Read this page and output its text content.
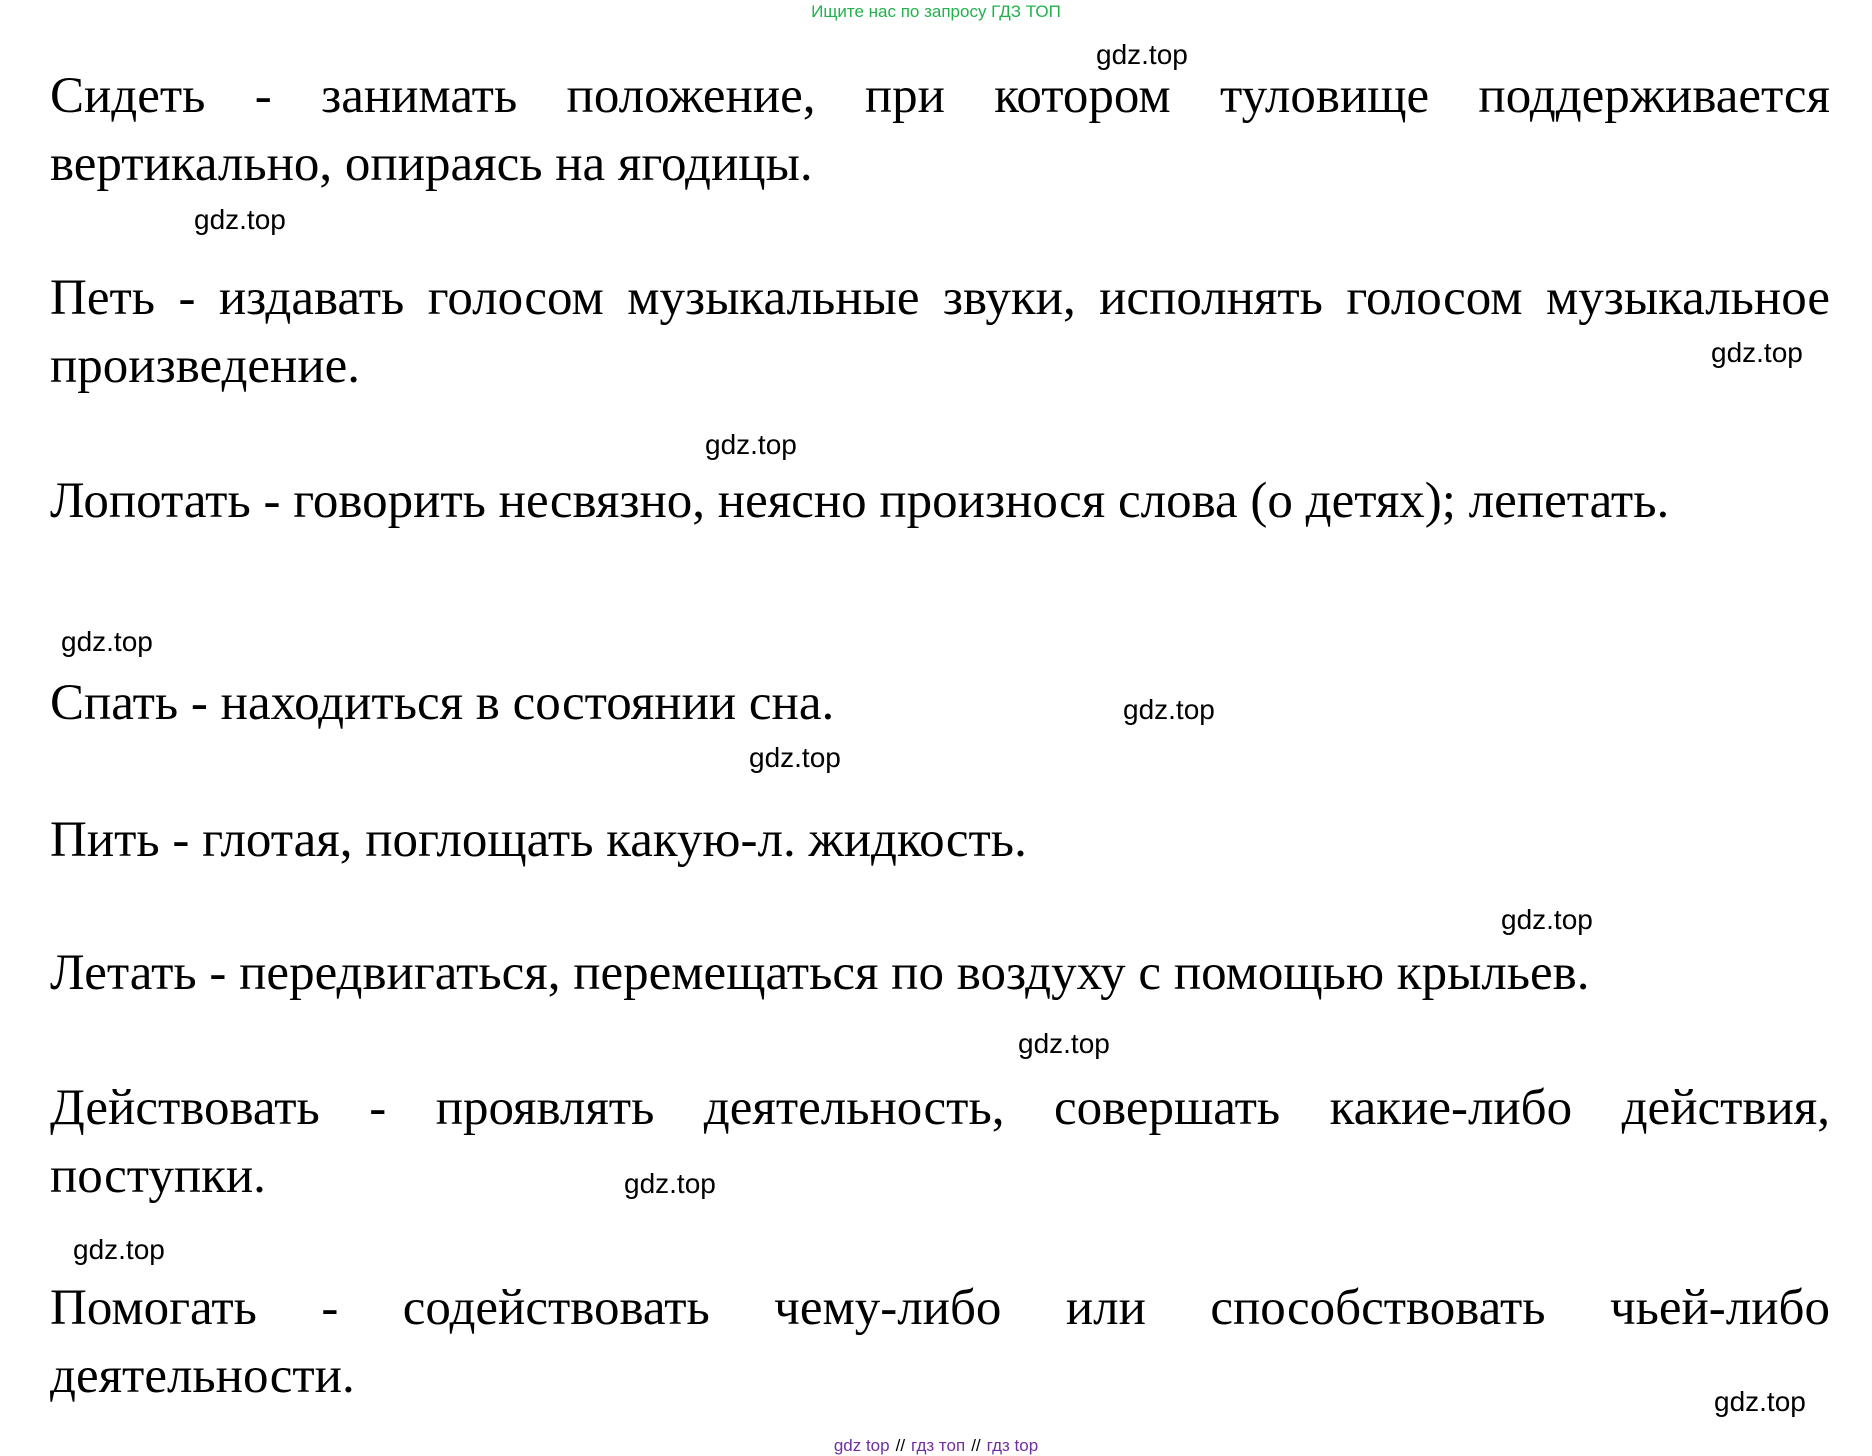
Ищите нас по запросу ГДЗ ТОП
gdz.top

Сидеть - занимать положение, при котором туловище поддерживается вертикально, опираясь на ягодицы.

gdz.top

Петь - издавать голосом музыкальные звуки, исполнять голосом музыкальное произведение.	gdz.top
gdz.top

Лопотать - говорить несвязно, неясно произнося слова (о детях); лепетать.

gdz.top

Спать - находиться в состоянии сна.	gdz.top
gdz.top

Пить - глотая, поглощать какую-л. жидкость.

gdz.top

Летать - передвигаться, перемещаться по воздуху с помощью крыльев.

gdz.top

Действовать - проявлять деятельность, совершать какие-либо действия, поступки.	gdz.top
gdz.top

Помогать - содействовать чему-либо или способствовать чьей-либо деятельности.	gdz.top
gdz top // гдз топ // гдз top
